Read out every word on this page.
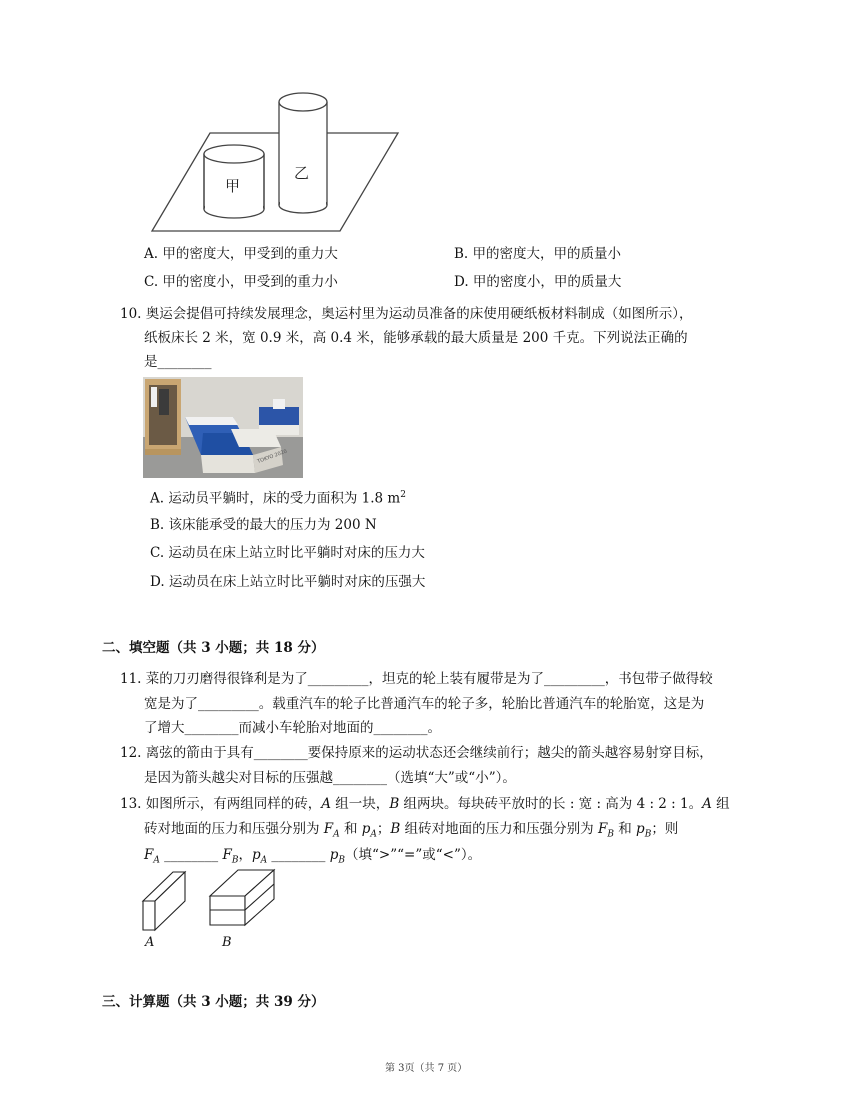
甲
乙
A. 甲的密度大，甲受到的重力大	B. 甲的密度大，甲的质量小
C. 甲的密度小，甲受到的重力小	D. 甲的密度小，甲的质量大
10. 奥运会提倡可持续发展理念，奥运村里为运动员准备的床使用硬纸板材料制成（如图所示），
纸板床长 2 米，宽 0.9 米，高 0.4 米，能够承载的最大质量是 200 千克。下列说法正确的
是________
TOKYO 2020
A. 运动员平躺时，床的受力面积为 1.8 $m^2$
B. 该床能承受的最大的压力为 200 N
C. 运动员在床上站立时比平躺时对床的压力大
D. 运动员在床上站立时比平躺时对床的压强大
二、填空题（共 3 小题；共 18 分）
11. 菜的刀刃磨得很锋利是为了_________，坦克的轮上装有履带是为了_________，书包带子做得较
宽是为了_________。载重汽车的轮子比普通汽车的轮子多，轮胎比普通汽车的轮胎宽，这是为
了增大________而减小车轮胎对地面的________。
12. 离弦的箭由于具有________要保持原来的运动状态还会继续前行；越尖的箭头越容易射穿目标，
是因为箭头越尖对目标的压强越________（选填“大”或“小”）。
13. 如图所示，有两组同样的砖，A 组一块，B 组两块。每块砖平放时的长 : 宽 : 高为 4 : 2 : 1。A 组
砖对地面的压力和压强分别为 $F_A$ 和 $p_A$；B 组砖对地面的压力和压强分别为 $F_B$ 和 $p_B$；则
$F_A$ ________ $F_B$，$p_A$ ________ $p_B$（填“>”“=”或“<”）。
A	B
三、计算题（共 3 小题；共 39 分）
第 3页（共 7 页）
